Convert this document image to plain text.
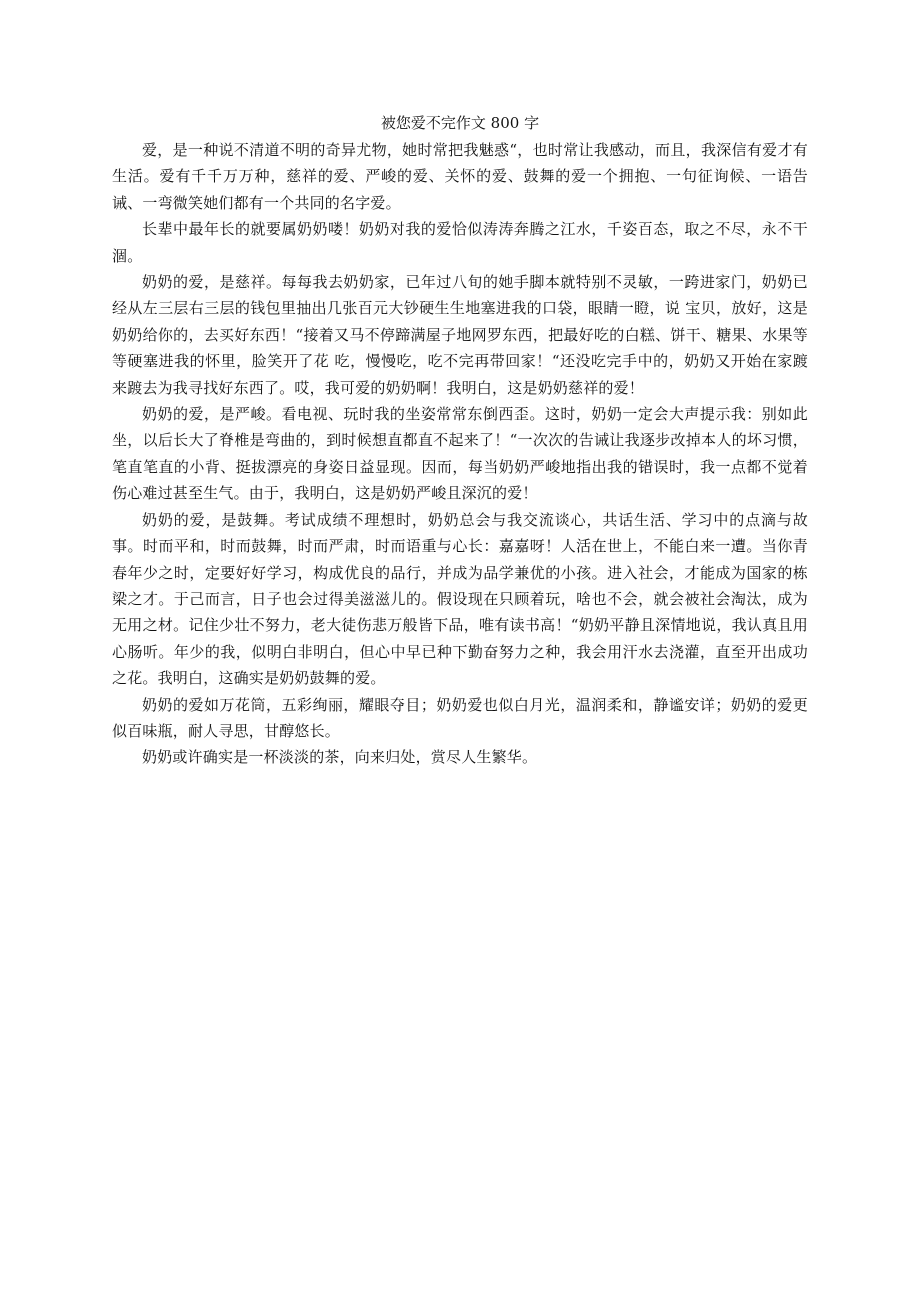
被您爱不完作文 800 字

爱，是一种说不清道不明的奇异尤物，她时常把我魅惑“，也时常让我感动，而且，我深信有爱才有生活。爱有千千万万种，慈祥的爱、严峻的爱、关怀的爱、鼓舞的爱一个拥抱、一句征询候、一语告诫、一弯微笑她们都有一个共同的名字爱。

长辈中最年长的就要属奶奶喽！奶奶对我的爱恰似涛涛奔腾之江水，千姿百态，取之不尽，永不干涸。

奶奶的爱，是慈祥。每每我去奶奶家，已年过八旬的她手脚本就特别不灵敏，一跨进家门，奶奶已经从左三层右三层的钱包里抽出几张百元大钞硬生生地塞进我的口袋，眼睛一瞪，说 宝贝，放好，这是奶奶给你的，去买好东西！“接着又马不停蹄满屋子地网罗东西，把最好吃的白糕、饼干、糖果、水果等等硬塞进我的怀里，脸笑开了花 吃，慢慢吃，吃不完再带回家！“还没吃完手中的，奶奶又开始在家踱来踱去为我寻找好东西了。哎，我可爱的奶奶啊！我明白，这是奶奶慈祥的爱！

奶奶的爱，是严峻。看电视、玩时我的坐姿常常东倒西歪。这时，奶奶一定会大声提示我：别如此坐，以后长大了脊椎是弯曲的，到时候想直都直不起来了！“一次次的告诫让我逐步改掉本人的坏习惯，笔直笔直的小背、挺拔漂亮的身姿日益显现。因而，每当奶奶严峻地指出我的错误时，我一点都不觉着伤心难过甚至生气。由于，我明白，这是奶奶严峻且深沉的爱！

奶奶的爱，是鼓舞。考试成绩不理想时，奶奶总会与我交流谈心，共话生活、学习中的点滴与故事。时而平和，时而鼓舞，时而严肃，时而语重与心长：嘉嘉呀！人活在世上，不能白来一遭。当你青春年少之时，定要好好学习，构成优良的品行，并成为品学兼优的小孩。进入社会，才能成为国家的栋梁之才。于己而言，日子也会过得美滋滋儿的。假设现在只顾着玩，啥也不会，就会被社会淘汰，成为无用之材。记住少壮不努力，老大徒伤悲万般皆下品，唯有读书高！“奶奶平静且深情地说，我认真且用心肠听。年少的我，似明白非明白，但心中早已种下勤奋努力之种，我会用汗水去浇灌，直至开出成功之花。我明白，这确实是奶奶鼓舞的爱。

奶奶的爱如万花筒，五彩绚丽，耀眼夺目；奶奶爱也似白月光，温润柔和，静谧安详；奶奶的爱更似百味瓶，耐人寻思，甘醇悠长。

奶奶或许确实是一杯淡淡的茶，向来归处，赏尽人生繁华。
